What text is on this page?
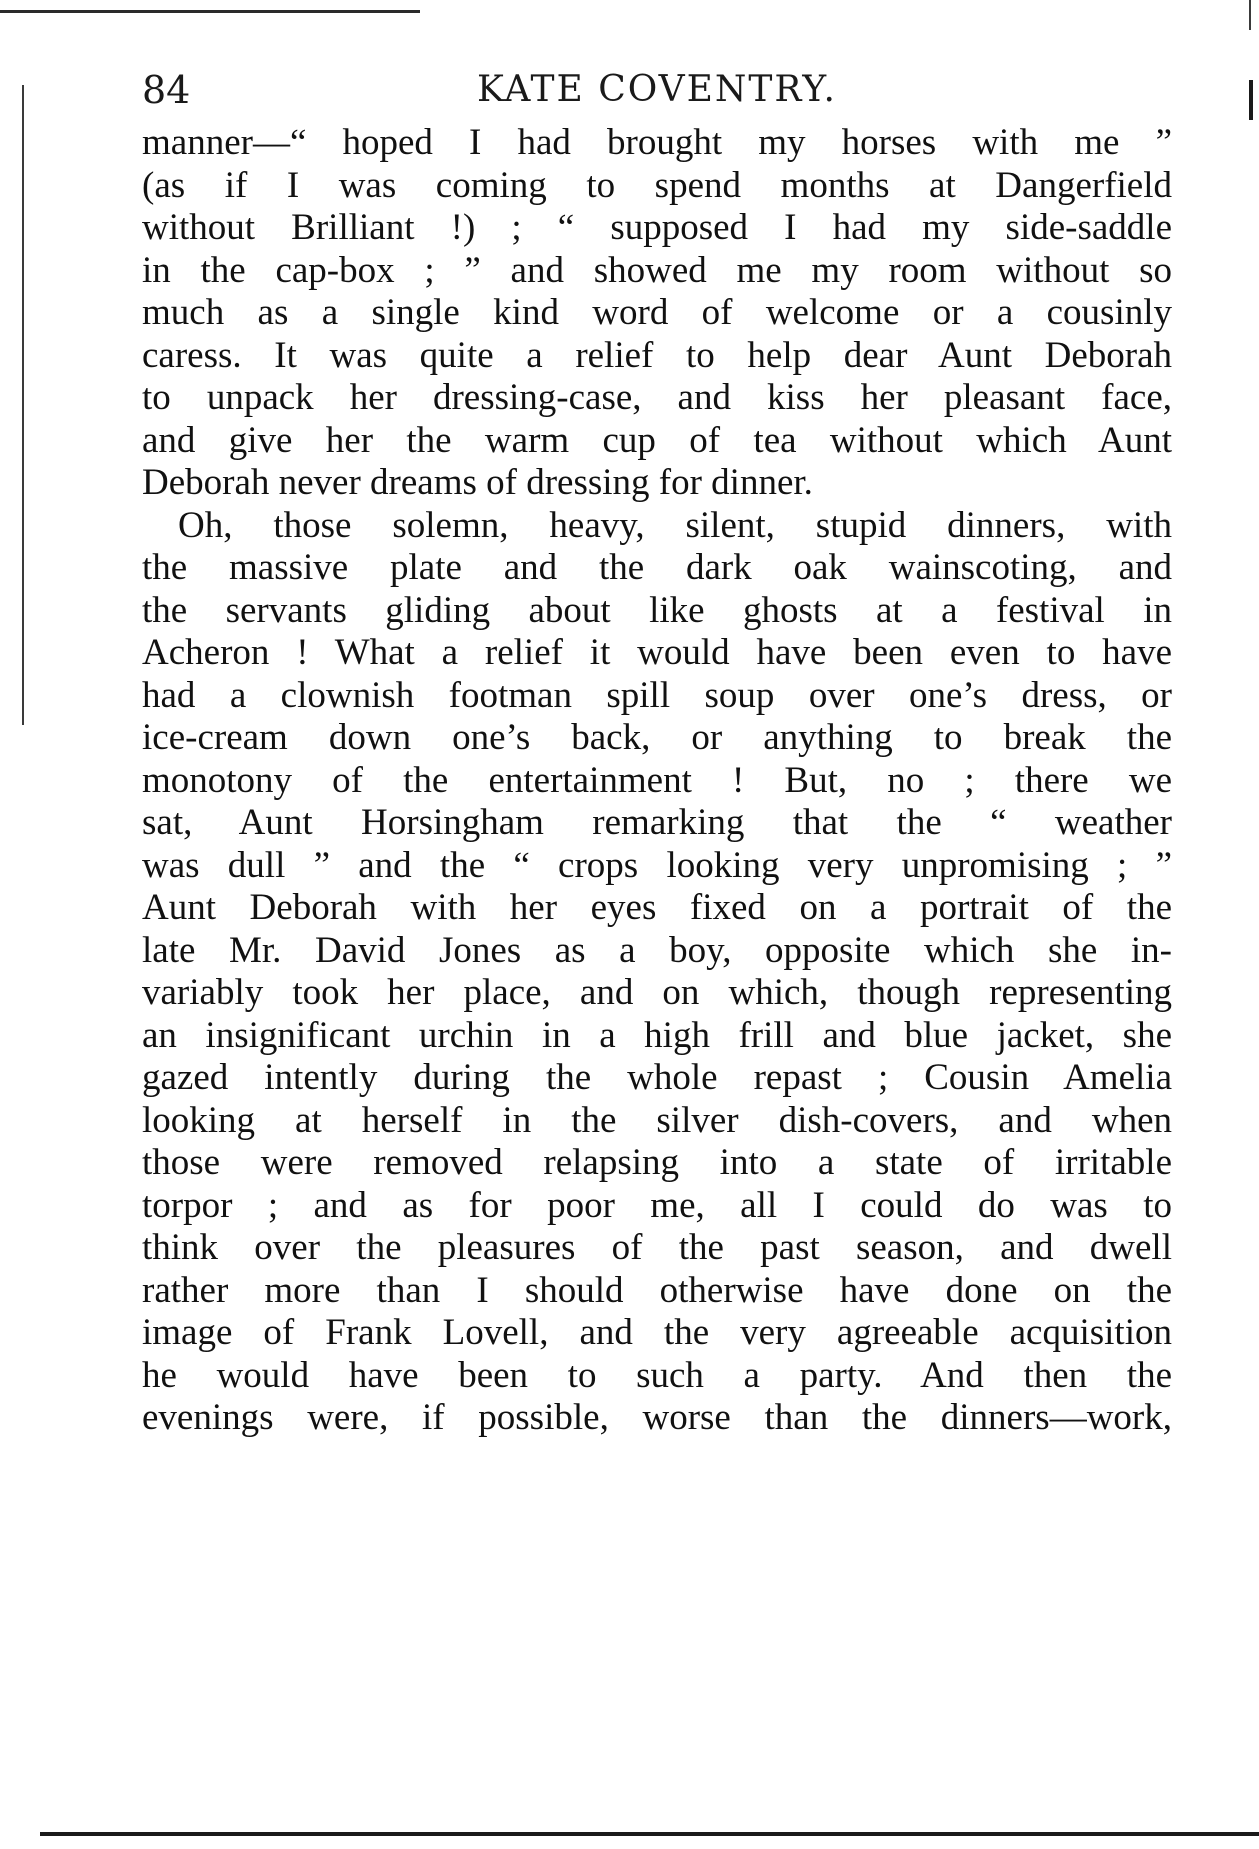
84	KATE COVENTRY.
manner—“ hoped I had brought my horses with me ”
(as if I was coming to spend months at Dangerfield
without Brilliant !) ; “ supposed I had my side-saddle
in the cap-box ; ” and showed me my room without so
much as a single kind word of welcome or a cousinly
caress. It was quite a relief to help dear Aunt Deborah
to unpack her dressing-case, and kiss her pleasant face,
and give her the warm cup of tea without which Aunt
Deborah never dreams of dressing for dinner.
Oh, those solemn, heavy, silent, stupid dinners, with
the massive plate and the dark oak wainscoting, and
the servants gliding about like ghosts at a festival in
Acheron ! What a relief it would have been even to have
had a clownish footman spill soup over one’s dress, or
ice-cream down one’s back, or anything to break the
monotony of the entertainment ! But, no ; there we
sat, Aunt Horsingham remarking that the “ weather
was dull ” and the “ crops looking very unpromising ; ”
Aunt Deborah with her eyes fixed on a portrait of the
late Mr. David Jones as a boy, opposite which she in-
variably took her place, and on which, though representing
an insignificant urchin in a high frill and blue jacket, she
gazed intently during the whole repast ; Cousin Amelia
looking at herself in the silver dish-covers, and when
those were removed relapsing into a state of irritable
torpor ; and as for poor me, all I could do was to
think over the pleasures of the past season, and dwell
rather more than I should otherwise have done on the
image of Frank Lovell, and the very agreeable acquisition
he would have been to such a party. And then the
evenings were, if possible, worse than the dinners—work,
